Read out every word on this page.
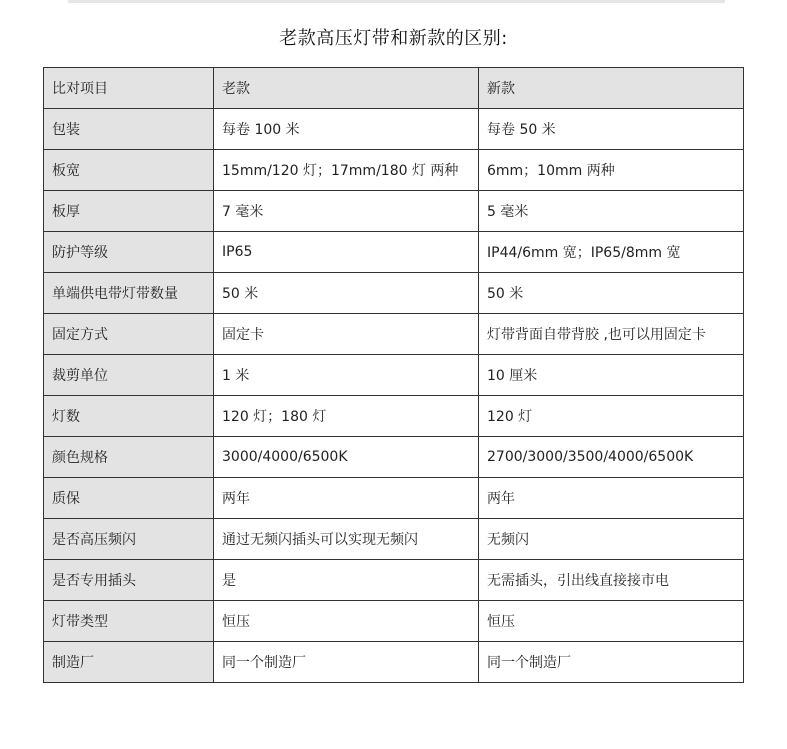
老款高压灯带和新款的区别:
比对项目	老款	新款
包装	每卷 100 米	每卷 50 米
板宽	15mm/120 灯；17mm/180 灯 两种	6mm；10mm 两种
板厚	7 毫米	5 毫米
防护等级	IP65	IP44/6mm 宽；IP65/8mm 宽
单端供电带灯带数量	50 米	50 米
固定方式	固定卡	灯带背面自带背胶 ,也可以用固定卡
裁剪单位	1 米	10 厘米
灯数	120 灯；180 灯	120 灯
颜色规格	3000/4000/6500K	2700/3000/3500/4000/6500K
质保	两年	两年
是否高压频闪	通过无频闪插头可以实现无频闪	无频闪
是否专用插头	是	无需插头，引出线直接接市电
灯带类型	恒压	恒压
制造厂	同一个制造厂	同一个制造厂
